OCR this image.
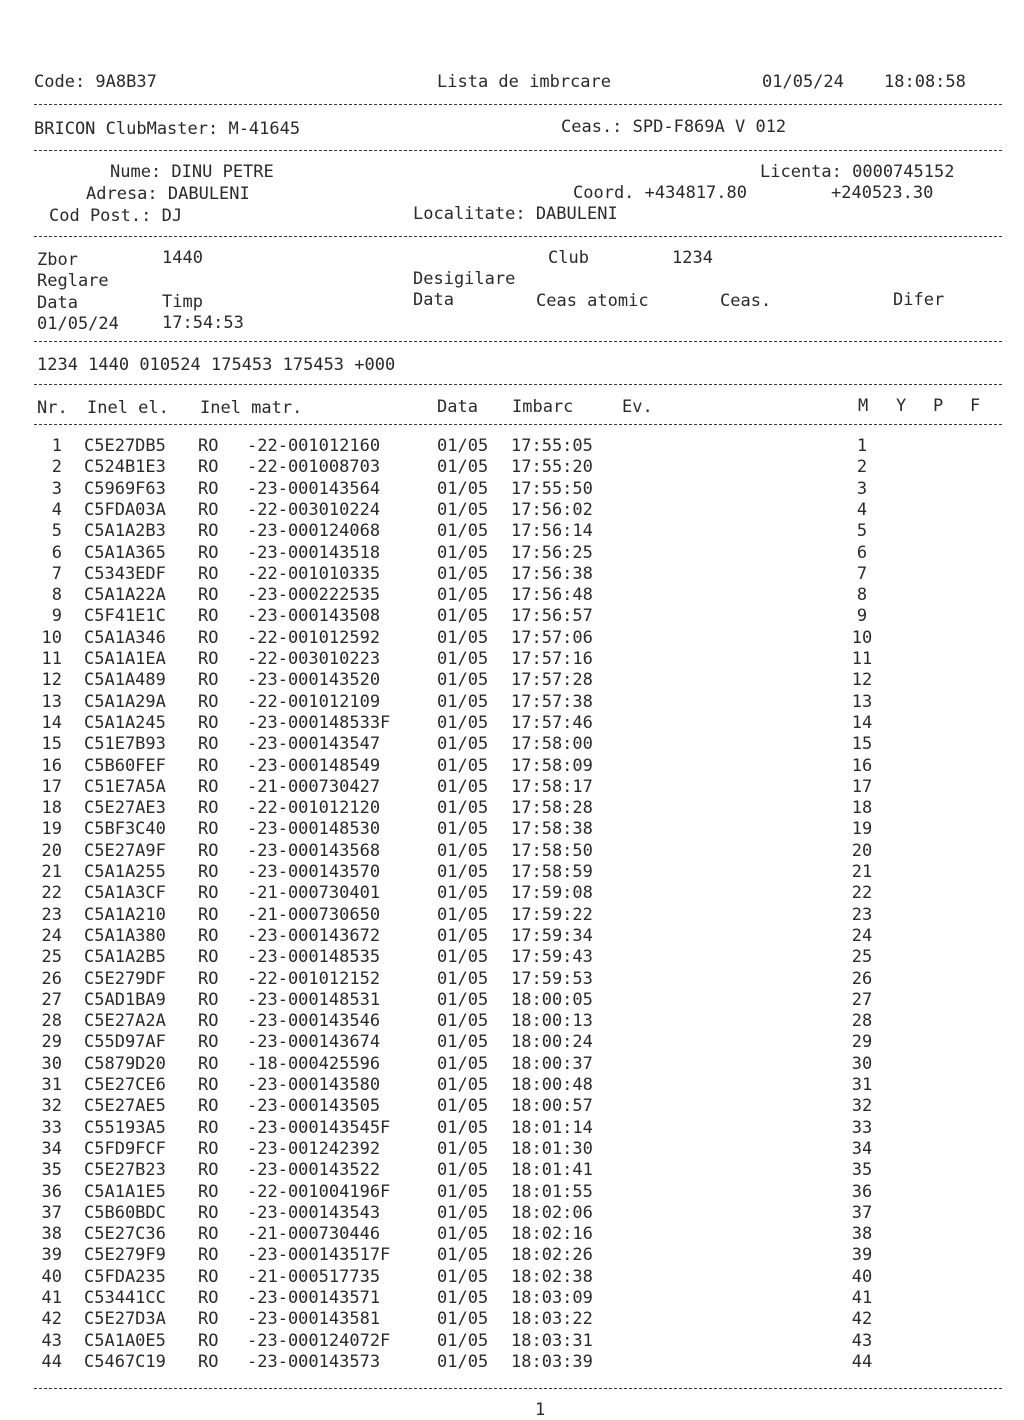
Code: 9A8B37	Lista de imbrcare	01/05/24 18:08:58
BRICON ClubMaster: M-41645	Ceas.: SPD-F869A V 012
Nume: DINU PETRE	Licenta: 0000745152
Adresa: DABULENI	Coord. +434817.80	+240523.30
Cod Post.: DJ	Localitate: DABULENI
Zbor	1440	Club	1234
Reglare	Desigilare
Data	Timp	Data	Ceas atomic	Ceas.	Difer
01/05/24	17:54:53
1234 1440 010524 175453 175453 +000
Nr. Inel el. Inel matr.	Data Imbarc	Ev.	M Y P F
1 C5E27DB5 RO -22-001012160	01/05 17:55:05	1
2 C524B1E3 RO -22-001008703	01/05 17:55:20	2
3 C5969F63 RO -23-000143564	01/05 17:55:50	3
4 C5FDA03A RO -22-003010224	01/05 17:56:02	4
5 C5A1A2B3 RO -23-000124068	01/05 17:56:14	5
6 C5A1A365 RO -23-000143518	01/05 17:56:25	6
7 C5343EDF RO -22-001010335	01/05 17:56:38	7
8 C5A1A22A RO -23-000222535	01/05 17:56:48	8
9 C5F41E1C RO -23-000143508	01/05 17:56:57	9
10 C5A1A346 RO -22-001012592	01/05 17:57:06	10
11 C5A1A1EA RO -22-003010223	01/05 17:57:16	11
12 C5A1A489 RO -23-000143520	01/05 17:57:28	12
13 C5A1A29A RO -22-001012109	01/05 17:57:38	13
14 C5A1A245 RO -23-000148533F	01/05 17:57:46	14
15 C51E7B93 RO -23-000143547	01/05 17:58:00	15
16 C5B60FEF RO -23-000148549	01/05 17:58:09	16
17 C51E7A5A RO -21-000730427	01/05 17:58:17	17
18 C5E27AE3 RO -22-001012120	01/05 17:58:28	18
19 C5BF3C40 RO -23-000148530	01/05 17:58:38	19
20 C5E27A9F RO -23-000143568	01/05 17:58:50	20
21 C5A1A255 RO -23-000143570	01/05 17:58:59	21
22 C5A1A3CF RO -21-000730401	01/05 17:59:08	22
23 C5A1A210 RO -21-000730650	01/05 17:59:22	23
24 C5A1A380 RO -23-000143672	01/05 17:59:34	24
25 C5A1A2B5 RO -23-000148535	01/05 17:59:43	25
26 C5E279DF RO -22-001012152	01/05 17:59:53	26
27 C5AD1BA9 RO -23-000148531	01/05 18:00:05	27
28 C5E27A2A RO -23-000143546	01/05 18:00:13	28
29 C55D97AF RO -23-000143674	01/05 18:00:24	29
30 C5879D20 RO -18-000425596	01/05 18:00:37	30
31 C5E27CE6 RO -23-000143580	01/05 18:00:48	31
32 C5E27AE5 RO -23-000143505	01/05 18:00:57	32
33 C55193A5 RO -23-000143545F	01/05 18:01:14	33
34 C5FD9FCF RO -23-001242392	01/05 18:01:30	34
35 C5E27B23 RO -23-000143522	01/05 18:01:41	35
36 C5A1A1E5 RO -22-001004196F	01/05 18:01:55	36
37 C5B60BDC RO -23-000143543	01/05 18:02:06	37
38 C5E27C36 RO -21-000730446	01/05 18:02:16	38
39 C5E279F9 RO -23-000143517F	01/05 18:02:26	39
40 C5FDA235 RO -21-000517735	01/05 18:02:38	40
41 C53441CC RO -23-000143571	01/05 18:03:09	41
42 C5E27D3A RO -23-000143581	01/05 18:03:22	42
43 C5A1A0E5 RO -23-000124072F	01/05 18:03:31	43
44 C5467C19 RO -23-000143573	01/05 18:03:39	44
1
